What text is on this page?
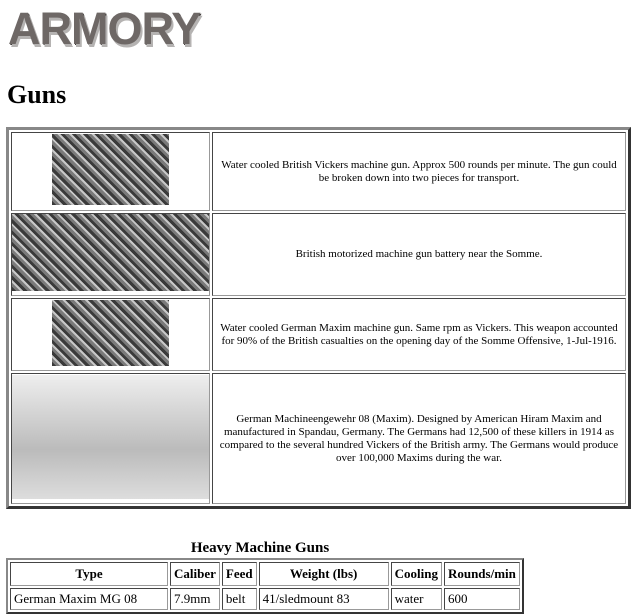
ARMORY
Guns
	Water cooled British Vickers machine gun. Approx 500 rounds per minute. The gun could be broken down into two pieces for transport.
	British motorized machine gun battery near the Somme.
	Water cooled German Maxim machine gun. Same rpm as Vickers. This weapon accounted for 90% of the British casualties on the opening day of the Somme Offensive, 1-Jul-1916.
	German Machineengewehr 08 (Maxim). Designed by American Hiram Maxim and manufactured in Spandau, Germany. The Germans had 12,500 of these killers in 1914 as compared to the several hundred Vickers of the British army. The Germans would produce over 100,000 Maxims during the war.
Heavy Machine Guns
Type	Caliber	Feed	Weight (lbs)	Cooling	Rounds/min
German Maxim MG 08	7.9mm	belt	41/sledmount 83	water	600
